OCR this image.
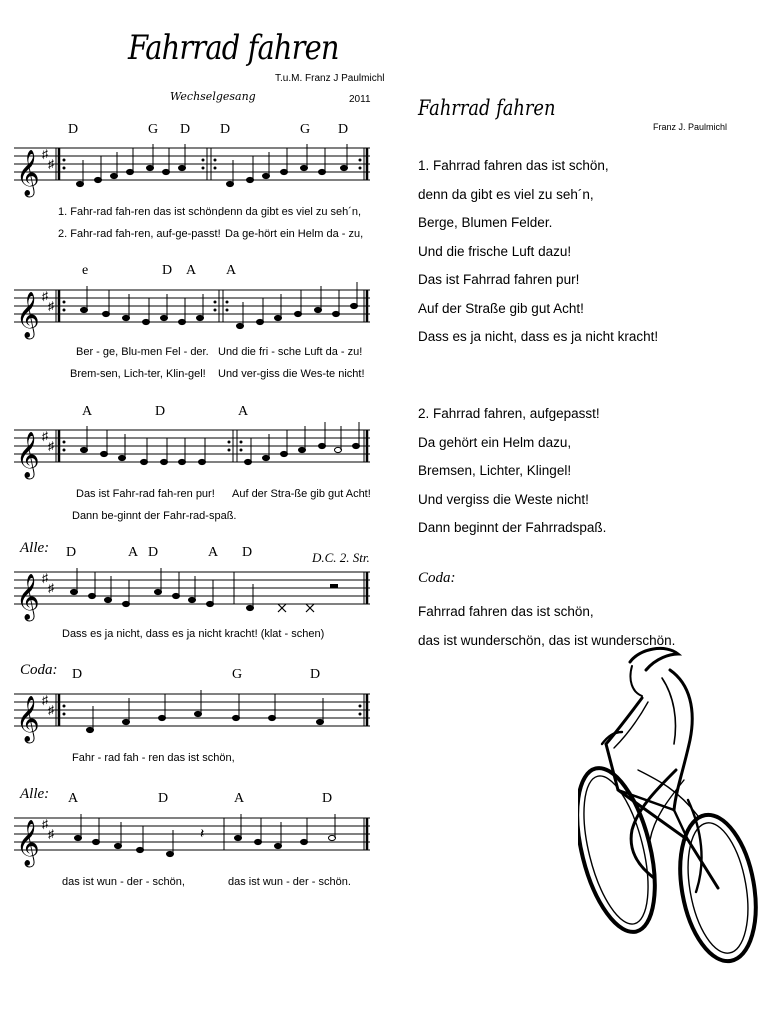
Fahrrad fahren
Wechselgesang
T.u.M. Franz J Paulmichl
2011
D	G D D	G D
𝄞 ♯
♯
1. Fahr-rad fah-ren das ist schön,
denn da gibt es viel zu seh´n,
2. Fahr-rad fah-ren, auf-ge-passt! Da ge-hört ein Helm da - zu,
e	D A A
𝄞 ♯
♯
Ber - ge, Blu-men Fel - der. Und die fri - sche Luft da - zu!
Brem-sen, Lich-ter, Klin-gel! Und ver-giss die Wes-te nicht!
A	D	A
𝄞 ♯
♯
Das ist Fahr-rad fah-ren pur! Auf der Stra-ße gib gut Acht!
Dann be-ginnt der Fahr-rad-spaß.
Alle:
D.C. 2. Str.
D	A D	A D
𝄞 ♯
♯
Dass es ja nicht, dass es ja nicht kracht! (klat - schen)
Coda: D	G	D
𝄞 ♯
♯
Fahr - rad fah - ren das ist schön,
Alle: A	D	A	D
𝄞 ♯
♯	𝄽
das ist wun - der - schön,	das ist wun - der - schön.
Fahrrad fahren
Franz J. Paulmichl
1. Fahrrad fahren das ist schön,
denn da gibt es viel zu seh´n,
Berge, Blumen Felder.
Und die frische Luft dazu!
Das ist Fahrrad fahren pur!
Auf der Straße gib gut Acht!
Dass es ja nicht, dass es ja nicht kracht!
2. Fahrrad fahren, aufgepasst!
Da gehört ein Helm dazu,
Bremsen, Lichter, Klingel!
Und vergiss die Weste nicht!
Dann beginnt der Fahrradspaß.
Coda:
Fahrrad fahren das ist schön,
das ist wunderschön, das ist wunderschön.
